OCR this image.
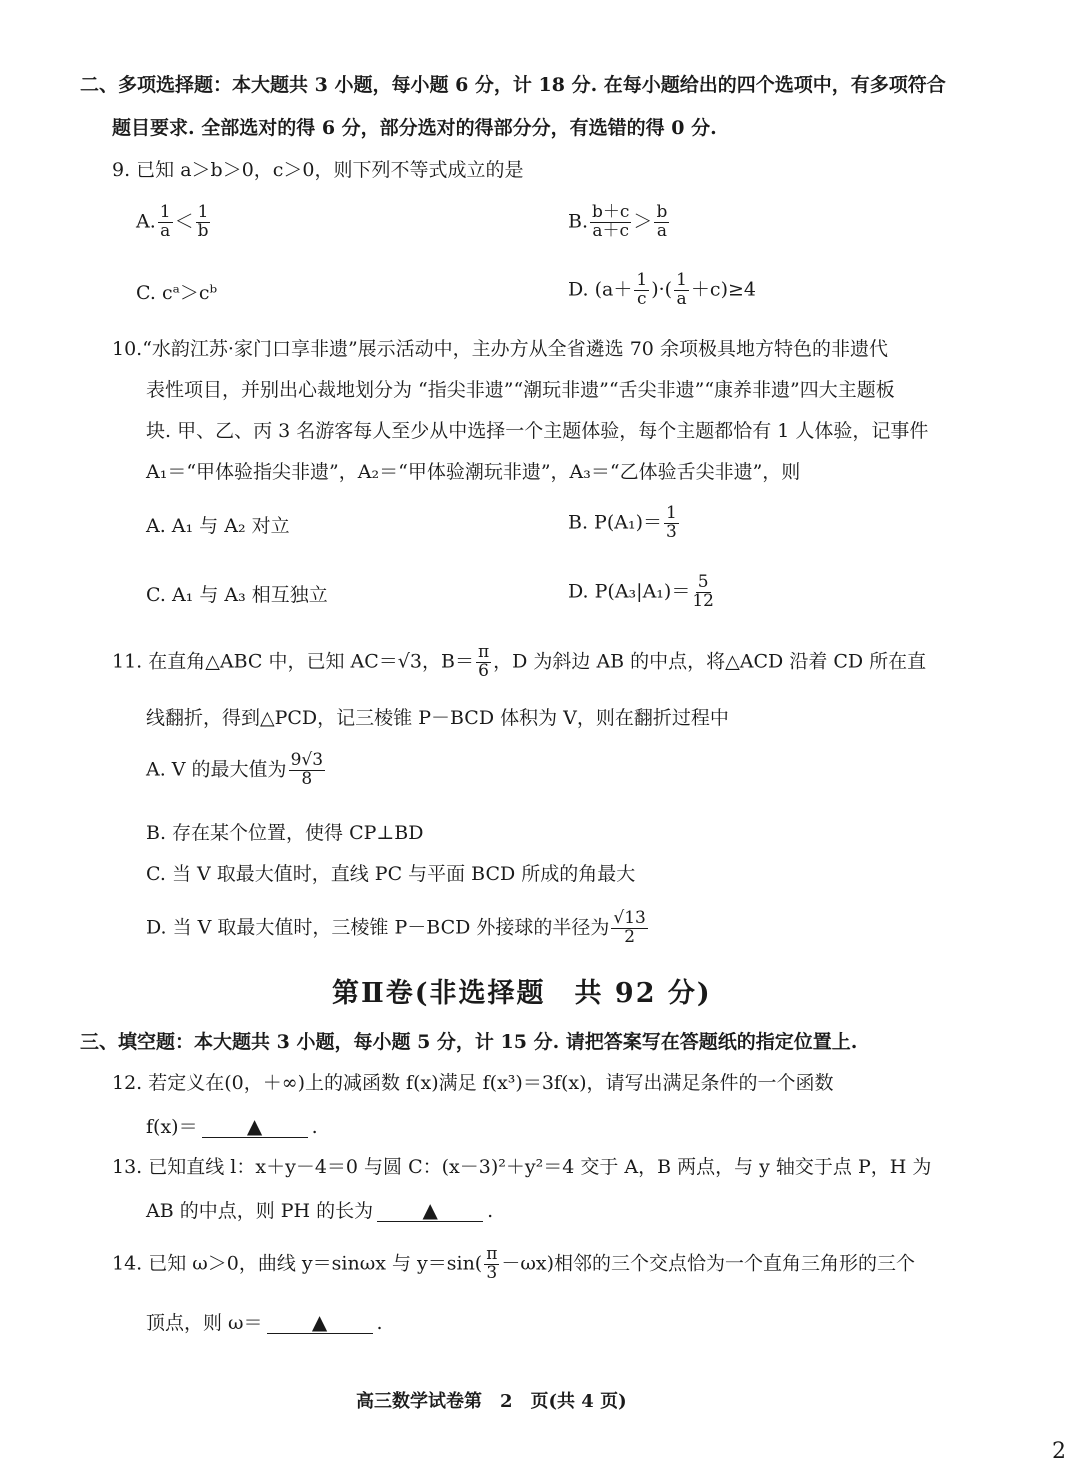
二、多项选择题：本大题共 3 小题，每小题 6 分，计 18 分. 在每小题给出的四个选项中，有多项符合
题目要求. 全部选对的得 6 分，部分选对的得部分分，有选错的得 0 分.
9. 已知 a＞b＞0，c＞0，则下列不等式成立的是
A. $\frac{1}{a} < \frac{1}{b}$	B. $\frac{b+c}{a+c} > \frac{b}{a}$
C. cᵃ＞cᵇ	D. ($a+ \frac{1}{c}$ )·( $\frac{1}{a} +c)\ge 4$
10.“水韵江苏·家门口享非遗”展示活动中，主办方从全省遴选 70 余项极具地方特色的非遗代
表性项目，并别出心裁地划分为 “指尖非遗”“潮玩非遗”“舌尖非遗”“康养非遗”四大主题板
块. 甲、乙、丙 3 名游客每人至少从中选择一个主题体验，每个主题都恰有 1 人体验，记事件
A₁＝“甲体验指尖非遗”，A₂＝“甲体验潮玩非遗”，A₃＝“乙体验舌尖非遗”，则
A. A₁ 与 A₂ 对立	B. $P(A_1)= \frac{1}{3}$
C. A₁ 与 A₃ 相互独立	D. $P(A_3|A_1)= \frac{5}{12}$
11. 在直角△ABC 中，已知 AC＝√3，$B= \frac{\pi}{6}$ ，D 为斜边 AB 的中点，将△ACD 沿着 CD 所在直
线翻折，得到△PCD，记三棱锥 P－BCD 体积为 V，则在翻折过程中
A. V 的最大值为 $\frac{9√3}{8}$
B. 存在某个位置，使得 CP⊥BD
C. 当 V 取最大值时，直线 PC 与平面 BCD 所成的角最大
D. 当 V 取最大值时，三棱锥 P－BCD 外接球的半径为 $\frac{√13}{2}$
第Ⅱ卷(非选择题　共 92 分)
三、填空题：本大题共 3 小题，每小题 5 分，计 15 分. 请把答案写在答题纸的指定位置上.
12. 若定义在(0，＋∞)上的减函数 f(x)满足 f(x³)＝3f(x)，请写出满足条件的一个函数
f(x)＝ ▲	.
13. 已知直线 l：x＋y－4＝0 与圆 C：(x－3)²＋y²＝4 交于 A，B 两点，与 y 轴交于点 P，H 为
AB 的中点，则 PH 的长为 ▲	.
14. 已知 ω＞0，曲线 y＝sinωx 与 $y=\sin( \frac{\pi}{3} -\omega x)$相邻的三个交点恰为一个直角三角形的三个
顶点，则 ω＝ ▲	.
高三数学试卷第　2　页(共 4 页)
2
